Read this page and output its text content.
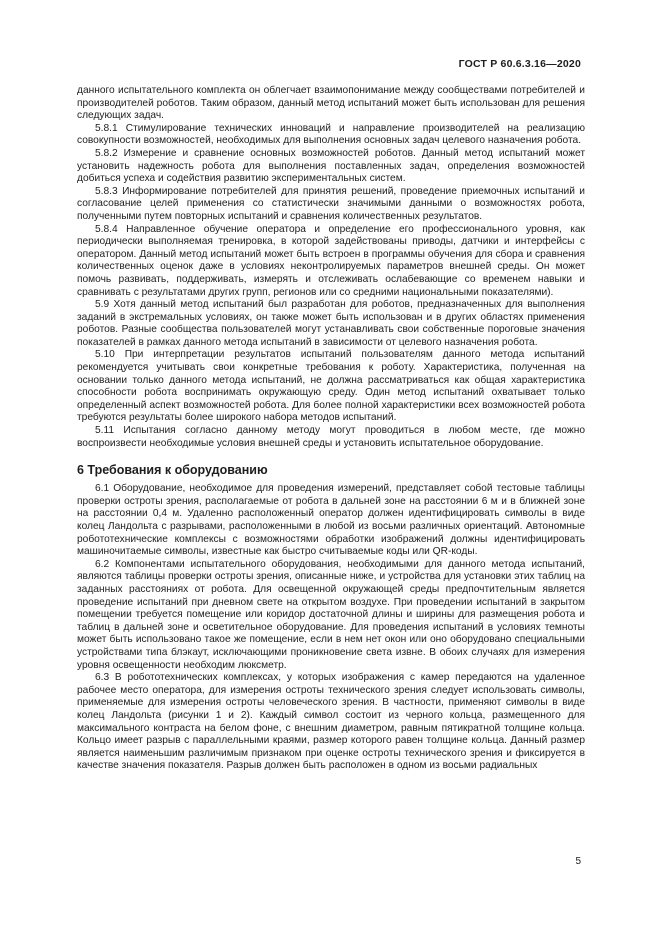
ГОСТ Р 60.6.3.16—2020

данного испытательного комплекта он облегчает взаимопонимание между сообществами потребителей и производителей роботов. Таким образом, данный метод испытаний может быть использован для решения следующих задач.

5.8.1 Стимулирование технических инноваций и направление производителей на реализацию совокупности возможностей, необходимых для выполнения основных задач целевого назначения робота.

5.8.2 Измерение и сравнение основных возможностей роботов. Данный метод испытаний может установить надежность робота для выполнения поставленных задач, определения возможностей добиться успеха и содействия развитию экспериментальных систем.

5.8.3 Информирование потребителей для принятия решений, проведение приемочных испытаний и согласование целей применения со статистически значимыми данными о возможностях робота, полученными путем повторных испытаний и сравнения количественных результатов.

5.8.4 Направленное обучение оператора и определение его профессионального уровня, как периодически выполняемая тренировка, в которой задействованы приводы, датчики и интерфейсы с оператором. Данный метод испытаний может быть встроен в программы обучения для сбора и сравнения количественных оценок даже в условиях неконтролируемых параметров внешней среды. Он может помочь развивать, поддерживать, измерять и отслеживать ослабевающие со временем навыки и сравнивать с результатами других групп, регионов или со средними национальными показателями).

5.9 Хотя данный метод испытаний был разработан для роботов, предназначенных для выполнения заданий в экстремальных условиях, он также может быть использован и в других областях применения роботов. Разные сообщества пользователей могут устанавливать свои собственные пороговые значения показателей в рамках данного метода испытаний в зависимости от целевого назначения робота.

5.10 При интерпретации результатов испытаний пользователям данного метода испытаний рекомендуется учитывать свои конкретные требования к роботу. Характеристика, полученная на основании только данного метода испытаний, не должна рассматриваться как общая характеристика способности робота воспринимать окружающую среду. Один метод испытаний охватывает только определенный аспект возможностей робота. Для более полной характеристики всех возможностей робота требуются результаты более широкого набора методов испытаний.

5.11 Испытания согласно данному методу могут проводиться в любом месте, где можно воспроизвести необходимые условия внешней среды и установить испытательное оборудование.

6 Требования к оборудованию

6.1 Оборудование, необходимое для проведения измерений, представляет собой тестовые таблицы проверки остроты зрения, располагаемые от робота в дальней зоне на расстоянии 6 м и в ближней зоне на расстоянии 0,4 м. Удаленно расположенный оператор должен идентифицировать символы в виде колец Ландольта с разрывами, расположенными в любой из восьми различных ориентаций. Автономные робототехнические комплексы с возможностями обработки изображений должны идентифицировать машиночитаемые символы, известные как быстро считываемые коды или QR-коды.

6.2 Компонентами испытательного оборудования, необходимыми для данного метода испытаний, являются таблицы проверки остроты зрения, описанные ниже, и устройства для установки этих таблиц на заданных расстояниях от робота. Для освещенной окружающей среды предпочтительным является проведение испытаний при дневном свете на открытом воздухе. При проведении испытаний в закрытом помещении требуется помещение или коридор достаточной длины и ширины для размещения робота и таблиц в дальней зоне и осветительное оборудование. Для проведения испытаний в условиях темноты может быть использовано такое же помещение, если в нем нет окон или оно оборудовано специальными устройствами типа блэкаут, исключающими проникновение света извне. В обоих случаях для измерения уровня освещенности необходим люксметр.

6.3 В робототехнических комплексах, у которых изображения с камер передаются на удаленное рабочее место оператора, для измерения остроты технического зрения следует использовать символы, применяемые для измерения остроты человеческого зрения. В частности, применяют символы в виде колец Ландольта (рисунки 1 и 2). Каждый символ состоит из черного кольца, размещенного для максимального контраста на белом фоне, с внешним диаметром, равным пятикратной толщине кольца. Кольцо имеет разрыв с параллельными краями, размер которого равен толщине кольца. Данный размер является наименьшим различимым признаком при оценке остроты технического зрения и фиксируется в качестве значения показателя. Разрыв должен быть расположен в одном из восьми радиальных

5
